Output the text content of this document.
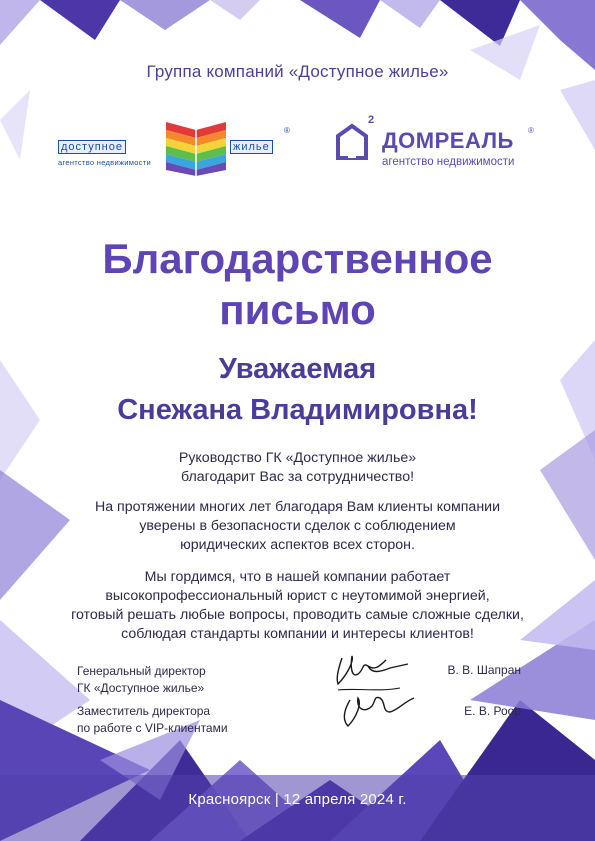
Группа компаний «Доступное жилье»
доступное	жилье
®
агентство недвижимости
2
ДОМРЕАЛЬ ®
агентство недвижимости
Благодарственное
письмо
Уважаемая
Снежана Владимировна!
Руководство ГК «Доступное жилье»
благодарит Вас за сотрудничество!
На протяжении многих лет благодаря Вам клиенты компании
уверены в безопасности сделок с соблюдением
юридических аспектов всех сторон.
Мы гордимся, что в нашей компании работает
высокопрофессиональный юрист с неутомимой энергией,
готовый решать любые вопросы, проводить самые сложные сделки,
соблюдая стандарты компании и интересы клиентов!
Генеральный директор
ГК «Доступное жилье»
В. В. Шапран
Заместитель директора
по работе с VIP-клиентами
Е. В. Роор
Красноярск | 12 апреля 2024 г.
